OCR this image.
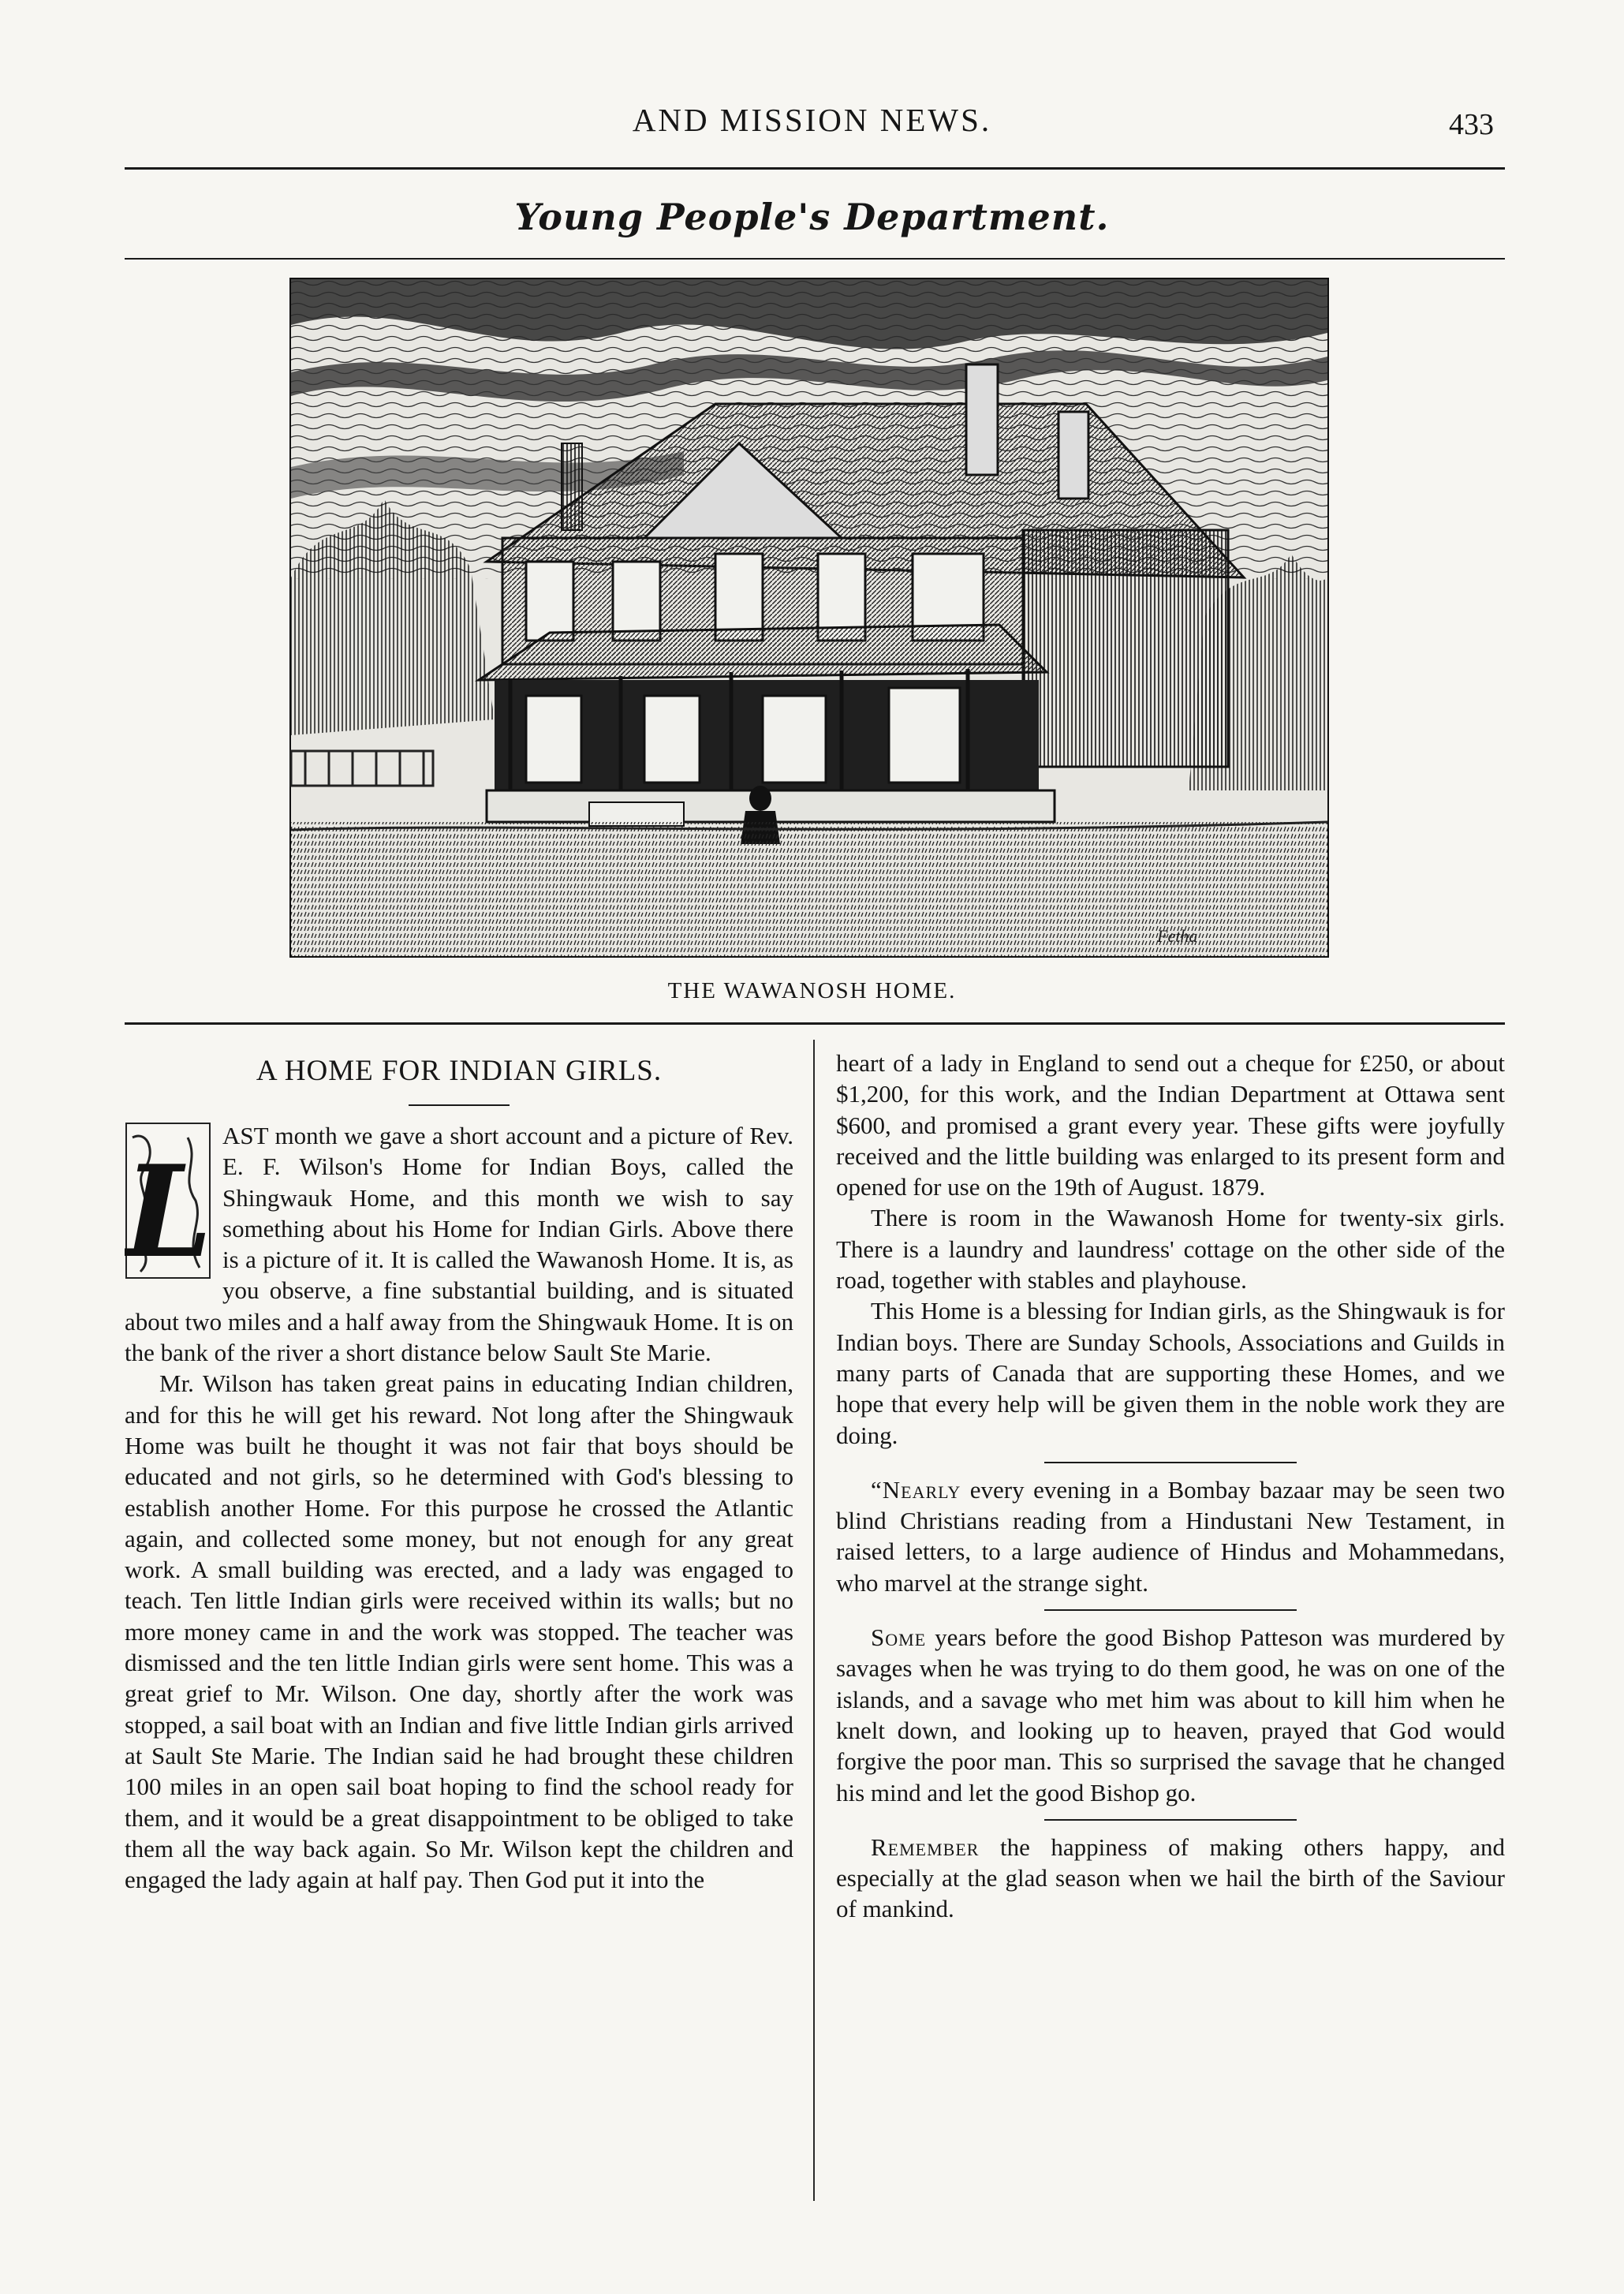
AND MISSION NEWS.	433
Young People's Department.
Fetha
THE WAWANOSH HOME.
A HOME FOR INDIAN GIRLS.

L
AST month we gave a short account and a picture of Rev. E. F. Wilson's Home for Indian Boys, called the Shingwauk Home, and this month we wish to say something about his Home for Indian Girls. Above there is a picture of it. It is called the Wawanosh Home. It is, as you observe, a fine substantial building, and is situated about two miles and a half away from the Shingwauk Home. It is on the bank of the river a short distance below Sault Ste Marie.

Mr. Wilson has taken great pains in educating Indian children, and for this he will get his reward. Not long after the Shingwauk Home was built he thought it was not fair that boys should be educated and not girls, so he determined with God's blessing to establish another Home. For this purpose he crossed the Atlantic again, and collected some money, but not enough for any great work. A small building was erected, and a lady was engaged to teach. Ten little Indian girls were received within its walls; but no more money came in and the work was stopped. The teacher was dismissed and the ten little Indian girls were sent home. This was a great grief to Mr. Wilson. One day, shortly after the work was stopped, a sail boat with an Indian and five little Indian girls arrived at Sault Ste Marie. The Indian said he had brought these children 100 miles in an open sail boat hoping to find the school ready for them, and it would be a great disappointment to be obliged to take them all the way back again. So Mr. Wilson kept the children and engaged the lady again at half pay. Then God put it into the

heart of a lady in England to send out a cheque for £250, or about $1,200, for this work, and the Indian Department at Ottawa sent $600, and promised a grant every year. These gifts were joyfully received and the little building was enlarged to its present form and opened for use on the 19th of August. 1879.

There is room in the Wawanosh Home for twenty-six girls. There is a laundry and laundress' cottage on the other side of the road, together with stables and playhouse.

This Home is a blessing for Indian girls, as the Shingwauk is for Indian boys. There are Sunday Schools, Associations and Guilds in many parts of Canada that are supporting these Homes, and we hope that every help will be given them in the noble work they are doing.

“Nearly every evening in a Bombay bazaar may be seen two blind Christians reading from a Hindustani New Testament, in raised letters, to a large audience of Hindus and Mohammedans, who marvel at the strange sight.

Some years before the good Bishop Patteson was murdered by savages when he was trying to do them good, he was on one of the islands, and a savage who met him was about to kill him when he knelt down, and looking up to heaven, prayed that God would forgive the poor man. This so surprised the savage that he changed his mind and let the good Bishop go.

Remember the happiness of making others happy, and especially at the glad season when we hail the birth of the Saviour of mankind.
